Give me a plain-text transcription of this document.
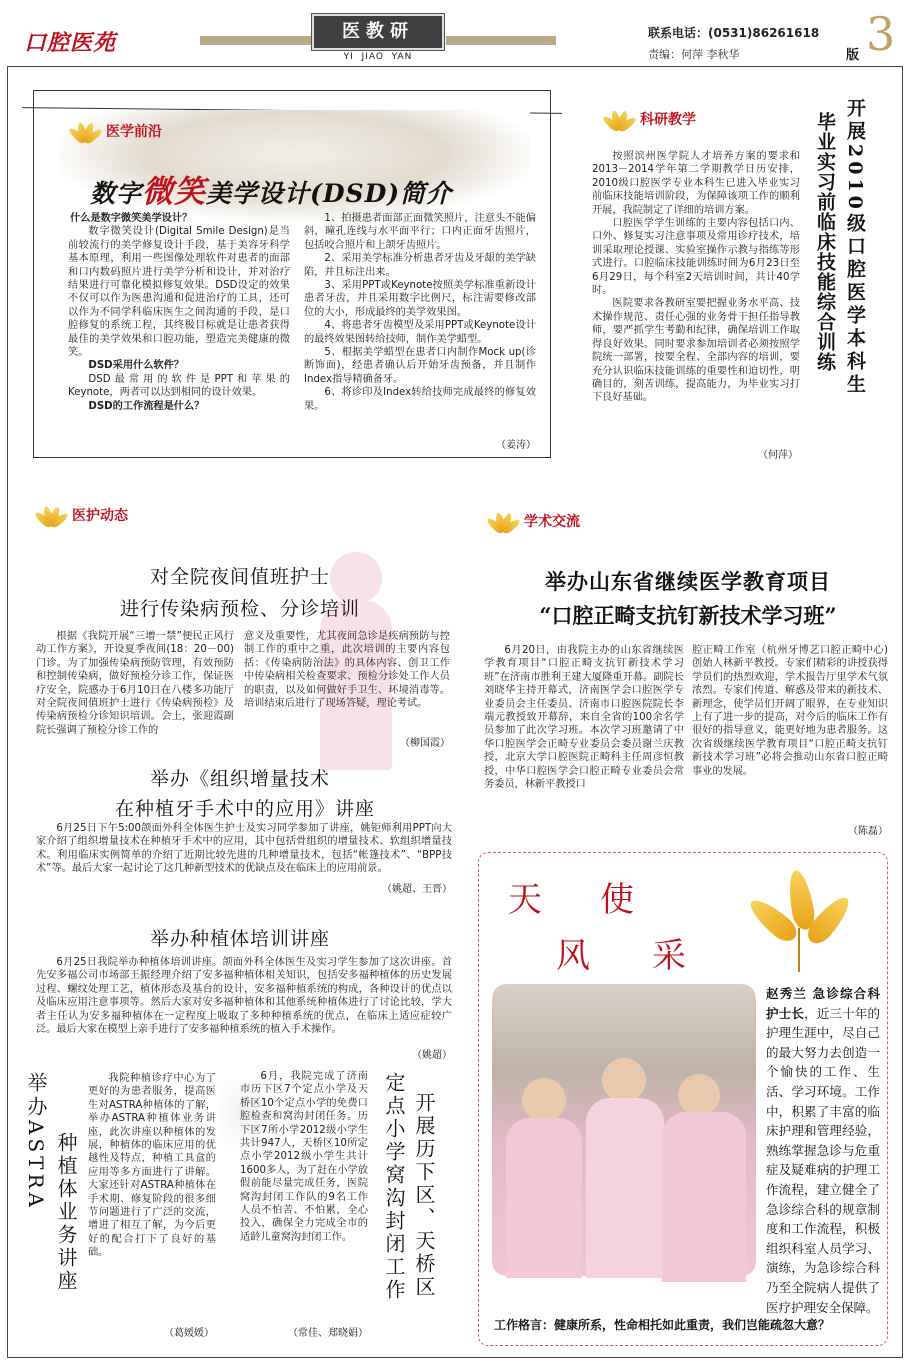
口腔医苑	医教研
YI  JIAO  YAN
联系电话：(0531)86261618
责编：何萍 李秋华	3
版
医学前沿
数字微笑美学设计(DSD)简介
什么是数字微笑美学设计？

数字微笑设计(Digital Smile Design)是当前较流行的美学修复设计手段，基于美容牙科学基本原理，利用一些图像处理软件对患者的面部和口内数码照片进行美学分析和设计，并对治疗结果进行可靠化模拟修复效果。DSD设定的效果不仅可以作为医患沟通和促进治疗的工具，还可以作为不同学科临床医生之间沟通的手段，是口腔修复的系统工程，其终极目标就是让患者获得最佳的美学效果和口腔功能，塑造完美健康的微笑。

DSD采用什么软件？

DSD最常用的软件是PPT和苹果的Keynote，两者可以达到相同的设计效果。

DSD的工作流程是什么？

1、拍摄患者面部正面微笑照片，注意头不能偏斜，瞳孔连线与水平面平行；口内正面牙齿照片，包括咬合照片和上颌牙齿照片。

2、采用美学标准分析患者牙齿及牙龈的美学缺陷，并且标注出来。

3、采用PPT或Keynote按照美学标准重新设计患者牙齿，并且采用数字比例尺，标注需要修改部位的大小，形成最终的美学效果图。

4、将患者牙齿模型及采用PPT或Keynote设计的最终效果图转给技师，制作美学蜡型。

5、根据美学蜡型在患者口内制作Mock up(诊断饰面)，经患者确认后开始牙齿预备，并且制作Index指导精确备牙。

6、将诊印及Index转给技师完成最终的修复效果。

（姜涛）
科研教学	开展2010级口腔医学本科生
毕业实习前临床技能综合训练

按照滨州医学院人才培养方案的要求和2013－2014学年第二学期教学日历安排，2010级口腔医学专业本科生已进入毕业实习前临床技能培训阶段，为保障该项工作的顺利开展，我院制定了详细的培训方案。

口腔医学学生训练的主要内容包括口内、口外、修复实习注意事项及常用诊疗技术，培训采取理论授课、实验室操作示教与指练等形式进行。口腔临床技能训练时间为6月23日至6月29日，每个科室2天培训时间，共计40学时。

医院要求各教研室要把握业务水平高、技术操作规范、责任心强的业务骨干担任指导教师，要严抓学生考勤和纪律，确保培训工作取得良好效果。同时要求参加培训者必须按照学院统一部署，按要全程、全部内容的培训，要充分认识临床技能训练的重要性和迫切性，明确目的，刻苦训练，提高能力，为毕业实习打下良好基础。

（何萍）
医护动态
对全院夜间值班护士
进行传染病预检、分诊培训
根据《我院开展“三增一禁”便民正风行动工作方案》，开设夏季夜间(18：20－00)门诊。为了加强传染病预防管理，有效预防和控制传染病，做好预检分诊工作，保证医疗安全，院感办于6月10日在八楼多功能厅对全院夜间值班护士进行《传染病预检》及传染病预检分诊知识培训。会上，张迎霞副院长强调了预检分诊工作的
意义及重要性，尤其夜间急诊是疾病预防与控制工作的重中之重，此次培训的主要内容包括：《传染病防治法》的具体内容、创卫工作中传染病相关检查要求、预检分诊处工作人员的职责，以及如何做好手卫生、环境消毒等。培训结束后进行了现场答疑，理论考试。
（柳国霞）
举办《组织增量技术
在种植牙手术中的应用》讲座
6月25日下午5:00颌面外科全体医生护士及实习同学参加了讲座，姚钜师利用PPT向大家介绍了组织增量技术在种植牙手术中的应用，其中包括骨组织的增量技术、软组织增量技术。利用临床实例简单的介绍了近期比较先进的几种增量技术，包括“帐篷技术”、“BPP技术”等。最后大家一起讨论了这几种新型技术的优缺点及在临床上的应用前景。
（姚超、王晋）
举办种植体培训讲座
6月25日我院举办种植体培训讲座。颌面外科全体医生及实习学生参加了这次讲座。首先安多福公司市场部王振经理介绍了安多福种植体相关知识，包括安多福种植体的历史发展过程、螺纹处理工艺，植体形态及基台的设计，安多福种植系统的构成，各种设计的优点以及临床应用注意事项等。然后大家对安多福种植体和其他系统种植体进行了讨论比较，学大者主任认为安多福种植体在一定程度上吸取了多种种植系统的优点，在临床上适应症较广泛。最后大家在模型上亲手进行了安多福种植系统的植入手术操作。
（姚超）
举办ASTRA 种植体业务讲座
我院种植诊疗中心为了更好的为患者服务，提高医生对ASTRA种植体的了解，举办ASTRA种植体业务讲座，此次讲座以种植体的发展，种植体的临床应用的优越性及特点，种植工具盒的应用等多方面进行了讲解。大家还针对ASTRA种植体在手术期、修复阶段的很多细节问题进行了广泛的交流，增进了相互了解，为今后更好的配合打下了良好的基础。
（葛媛媛）
6月，我院完成了济南市历下区7个定点小学及天桥区10个定点小学的免费口腔检查和窝沟封闭任务。历下区7所小学2012级小学生共计947人，天桥区10所定点小学2012级小学生共计1600多人，为了赶在小学放假前能尽量完成任务，医院窝沟封闭工作队的9名工作人员不怕苦、不怕累，全心投入，确保全力完成全市的适龄儿童窝沟封闭工作。
（常佳、郑晓娟）
开展历下区、天桥区
定点小学窝沟封闭工作
学术交流
举办山东省继续医学教育项目
“口腔正畸支抗钉新技术学习班”
6月20日，由我院主办的山东省继续医学教育项目“口腔正畸支抗钉新技术学习班”在济南市胜利王建大厦隆重开幕。副院长刘晓华主持开幕式，济南医学会口腔医学专业委员会主任委员、济南市口腔医院院长李端元教授致开幕辞，来自全省的100余名学员参加了此次学习班。本次学习班邀请了中华口腔医学会正畸专业委员会委员谢兰庆教授，北京大学口腔医院正畸科主任周彦恒教授，中华口腔医学会口腔正畸专业委员会常务委员，林新平教授口
腔正畸工作室（杭州牙博艺口腔正畸中心)创始人林新平教授。专家们精彩的讲授获得学员们的热烈欢迎，学术报告厅里学术气氛浓烈。专家们传道、解惑及带来的新技术、新理念，使学员们开阔了眼界，在专业知识上有了进一步的提高，对今后的临床工作有很好的指导意义，能更好地为患者服务。这次省级继续医学教育项目“口腔正畸支抗钉新技术学习班”必将会推动山东省口腔正畸事业的发展。
（陈磊）
天 使
风 采
赵秀兰 急诊综合科护士长，近三十年的护理生涯中，尽自己的最大努力去创造一个愉快的工作、生活、学习环境。工作中，积累了丰富的临床护理和管理经验，熟练掌握急诊与危重症及疑难病的护理工作流程，建立健全了急诊综合科的规章制度和工作流程，积极组织科室人员学习、演练，为急诊综合科乃至全院病人提供了医疗护理安全保障。
工作格言：健康所系，性命相托如此重责，我们岂能疏忽大意？
